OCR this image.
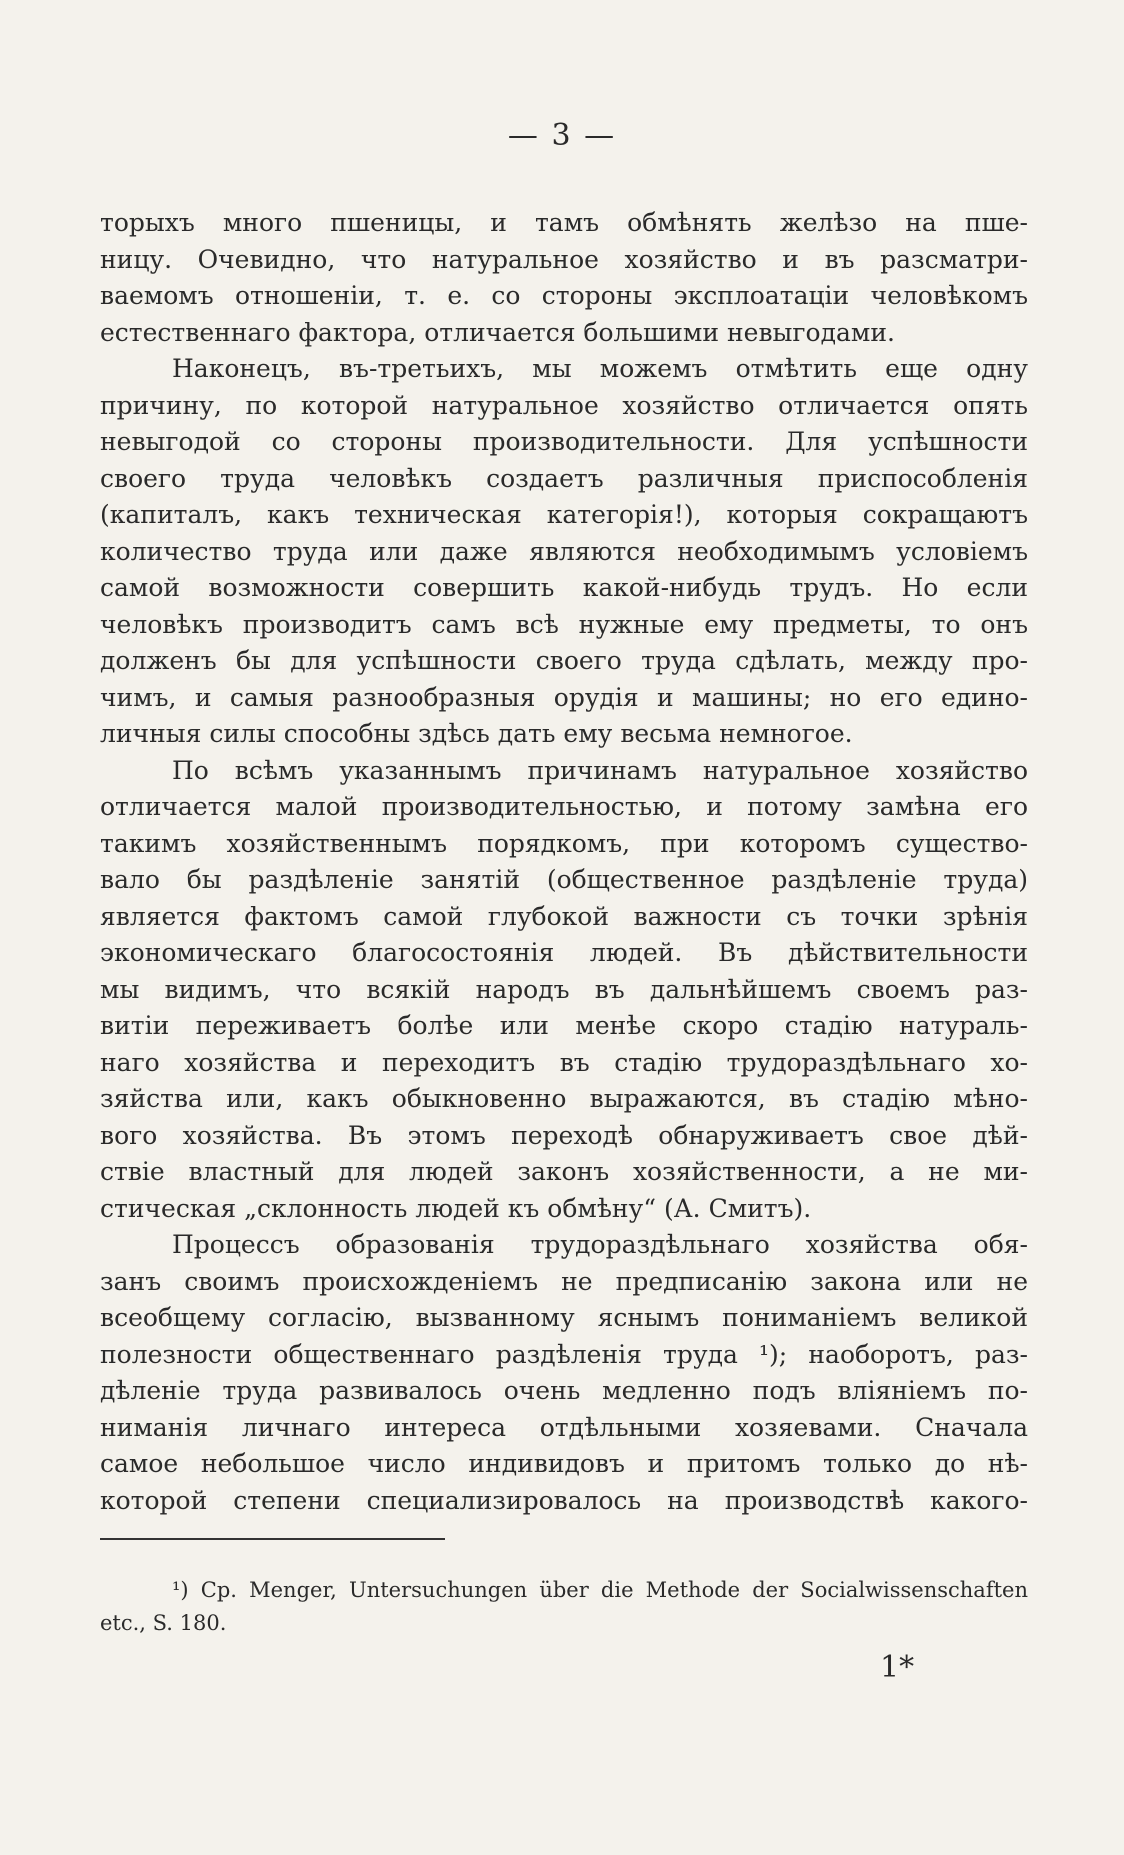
— 3 —
торыхъ много пшеницы, и тамъ обмѣнять желѣзо на пше-
ницу. Очевидно, что натуральное хозяйство и въ разсматри-
ваемомъ отношеніи, т. е. со стороны эксплоатаціи человѣкомъ
естественнаго фактора, отличается большими невыгодами.
Наконецъ, въ-третьихъ, мы можемъ отмѣтить еще одну
причину, по которой натуральное хозяйство отличается опять
невыгодой со стороны производительности. Для успѣшности
своего труда человѣкъ создаетъ различныя приспособленія
(капиталъ, какъ техническая категорія!), которыя сокращаютъ
количество труда или даже являются необходимымъ условіемъ
самой возможности совершить какой-нибудь трудъ. Но если
человѣкъ производитъ самъ всѣ нужные ему предметы, то онъ
долженъ бы для успѣшности своего труда сдѣлать, между про-
чимъ, и самыя разнообразныя орудія и машины; но его едино-
личныя силы способны здѣсь дать ему весьма немногое.
По всѣмъ указаннымъ причинамъ натуральное хозяйство
отличается малой производительностью, и потому замѣна его
такимъ хозяйственнымъ порядкомъ, при которомъ существо-
вало бы раздѣленіе занятій (общественное раздѣленіе труда)
является фактомъ самой глубокой важности съ точки зрѣнія
экономическаго благосостоянія людей. Въ дѣйствительности
мы видимъ, что всякій народъ въ дальнѣйшемъ своемъ раз-
витіи переживаетъ болѣе или менѣе скоро стадію натураль-
наго хозяйства и переходитъ въ стадію трудораздѣльнаго хо-
зяйства или, какъ обыкновенно выражаются, въ стадію мѣно-
вого хозяйства. Въ этомъ переходѣ обнаруживаетъ свое дѣй-
ствіе властный для людей законъ хозяйственности, а не ми-
стическая „склонность людей къ обмѣну“ (А. Смитъ).
Процессъ образованія трудораздѣльнаго хозяйства обя-
занъ своимъ происхожденіемъ не предписанію закона или не
всеобщему согласію, вызванному яснымъ пониманіемъ великой
полезности общественнаго раздѣленія труда ¹); наоборотъ, раз-
дѣленіе труда развивалось очень медленно подъ вліяніемъ по-
ниманія личнаго интереса отдѣльными хозяевами. Сначала
самое небольшое число индивидовъ и притомъ только до нѣ-
которой степени специализировалось на производствѣ какого-
¹) Ср. Menger, Untersuchungen über die Methode der Socialwissenschaften
etc., S. 180.
1*
